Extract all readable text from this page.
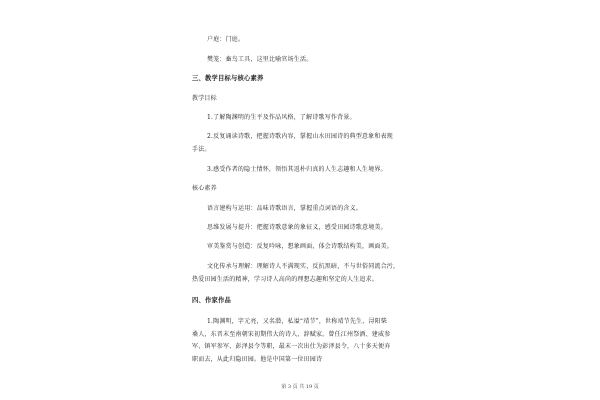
户庭：门庭。
樊笼：畜鸟工具，这里比喻官场生活。
三、教学目标与核心素养
教学目标
1.了解陶渊明的生平及作品风格，了解诗歌写作背景。
2.反复诵读诗歌，把握诗歌内容，掌握山水田园诗的典型意象和表现
手法。
3.感受作者的隐士情怀，领悟其返朴归真的人生志趣和人生境界。
核心素养
语言建构与运用：品味诗歌语言，掌握重点词语的含义。
思维发展与提升：把握诗歌意象的象征义，感受田园诗歌意境美。
审美鉴赏与创造：反复吟咏，想象画面，体会诗歌结构美，画面美。
文化传承与理解：理解诗人不满现实，反抗黑暗，不与世俗同流合污，
热爱田园生活的精神，学习诗人高尚的理想志趣和坚定的人生追求。
四、作家作品
1.陶渊明，字元亮，又名潜，私谥“靖节”，世称靖节先生，浔阳柴
桑人，东晋末至南朝宋初期伟大的诗人、辞赋家。曾任江州祭酒、建威参
军、镇军参军、彭泽县令等职，最末一次出仕为彭泽县令，八十多天便弃
职而去，从此归隐田园。他是中国第一位田园诗
第 3 页 共 19 页
